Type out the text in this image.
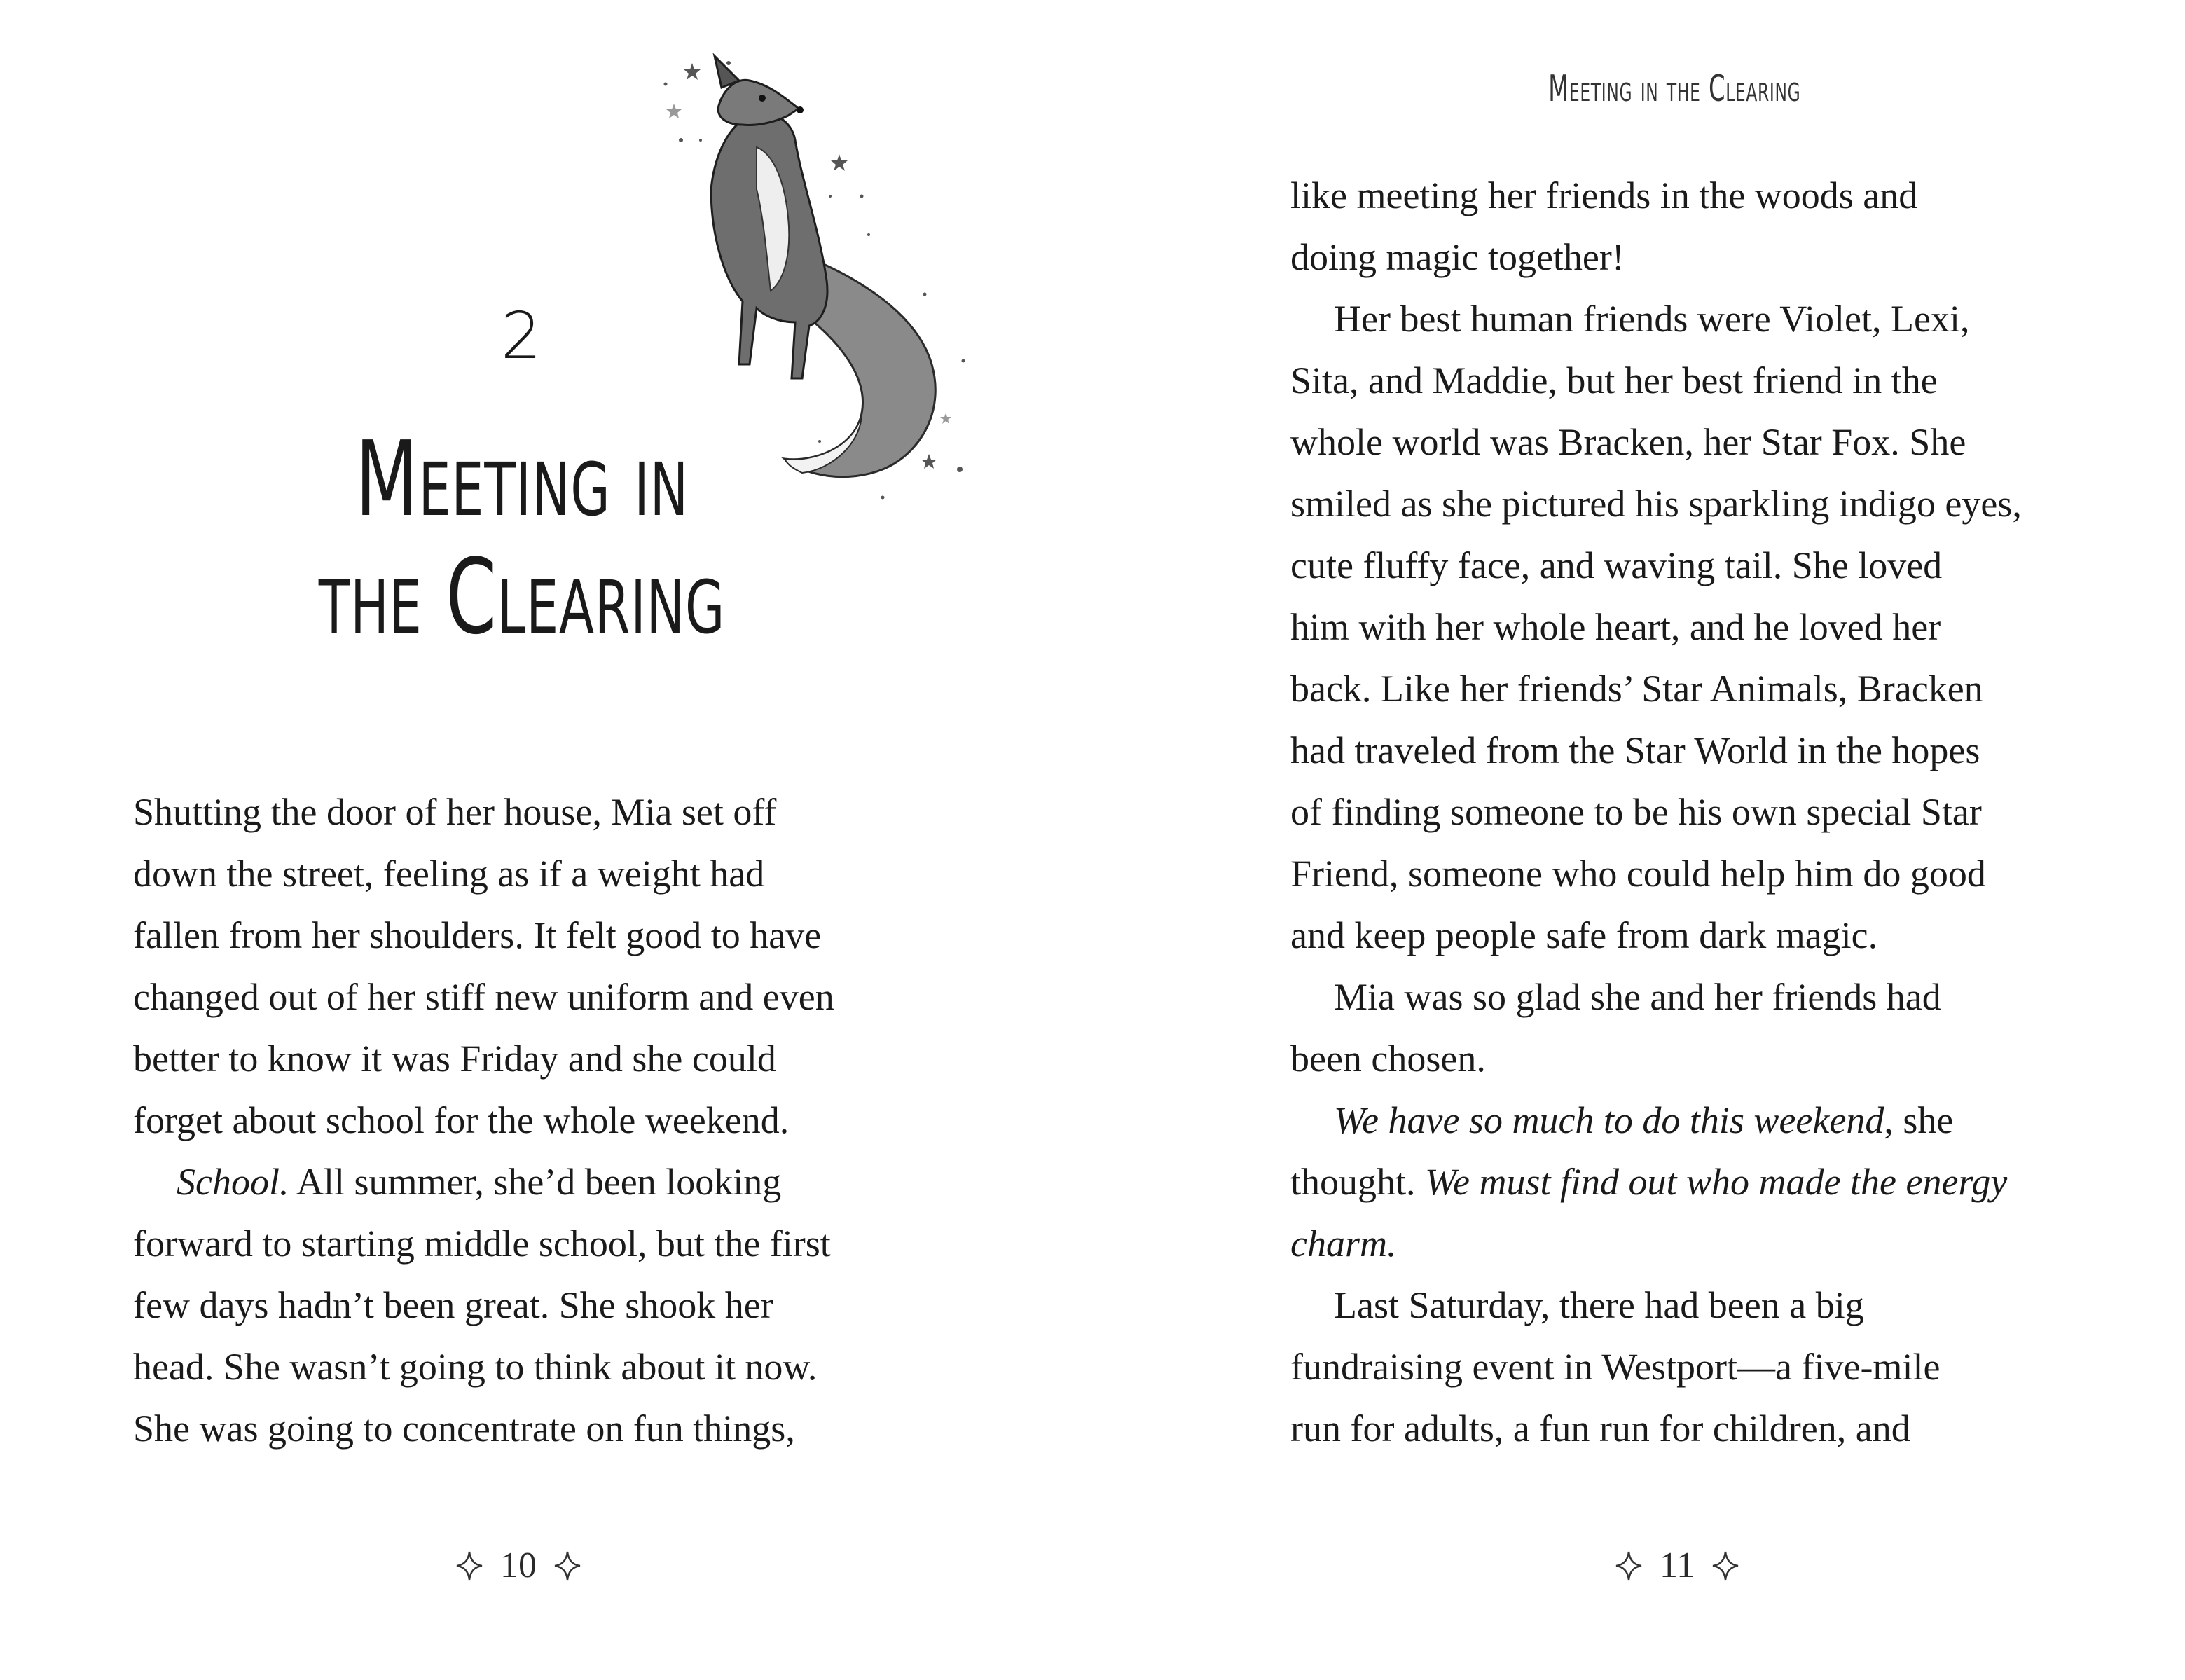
2
Meeting in
the Clearing
Shutting the door of her house, Mia set off
down the street, feeling as if a weight had
fallen from her shoulders. It felt good to have
changed out of her stiff new uniform and even
better to know it was Friday and she could
forget about school for the whole weekend.
School. All summer, she’d been looking
forward to starting middle school, but the first
few days hadn’t been great. She shook her
head. She wasn’t going to think about it now.
She was going to concentrate on fun things,
10
Meeting in the Clearing
like meeting her friends in the woods and
doing magic together!
Her best human friends were Violet, Lexi,
Sita, and Maddie, but her best friend in the
whole world was Bracken, her Star Fox. She
smiled as she pictured his sparkling indigo eyes,
cute fluffy face, and waving tail. She loved
him with her whole heart, and he loved her
back. Like her friends’ Star Animals, Bracken
had traveled from the Star World in the hopes
of finding someone to be his own special Star
Friend, someone who could help him do good
and keep people safe from dark magic.
Mia was so glad she and her friends had
been chosen.
We have so much to do this weekend, she
thought. We must find out who made the energy
charm.
Last Saturday, there had been a big
fundraising event in Westport—a five-mile
run for adults, a fun run for children, and
11
